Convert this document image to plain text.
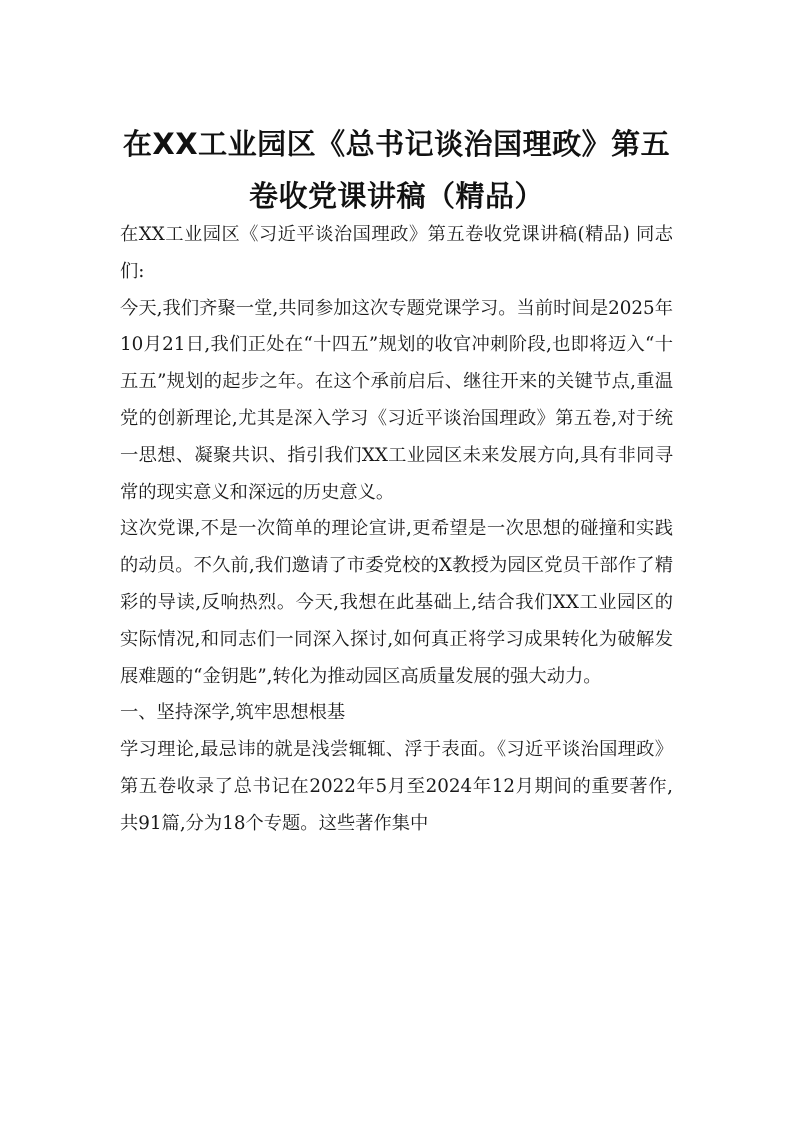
在XX工业园区《总书记谈治国理政》第五卷收党课讲稿（精品）

在XX工业园区《习近平谈治国理政》第五卷收党课讲稿(精品) 同志们:

今天,我们齐聚一堂,共同参加这次专题党课学习。当前时间是2025年10月21日,我们正处在“十四五”规划的收官冲刺阶段,也即将迈入“十五五”规划的起步之年。在这个承前启后、继往开来的关键节点,重温党的创新理论,尤其是深入学习《习近平谈治国理政》第五卷,对于统一思想、凝聚共识、指引我们XX工业园区未来发展方向,具有非同寻常的现实意义和深远的历史意义。

这次党课,不是一次简单的理论宣讲,更希望是一次思想的碰撞和实践的动员。不久前,我们邀请了市委党校的X教授为园区党员干部作了精彩的导读,反响热烈。今天,我想在此基础上,结合我们XX工业园区的实际情况,和同志们一同深入探讨,如何真正将学习成果转化为破解发展难题的“金钥匙”,转化为推动园区高质量发展的强大动力。

一、坚持深学,筑牢思想根基

学习理论,最忌讳的就是浅尝辄辄、浮于表面。《习近平谈治国理政》第五卷收录了总书记在2022年5月至2024年12月期间的重要著作,共91篇,分为18个专题。这些著作集中
